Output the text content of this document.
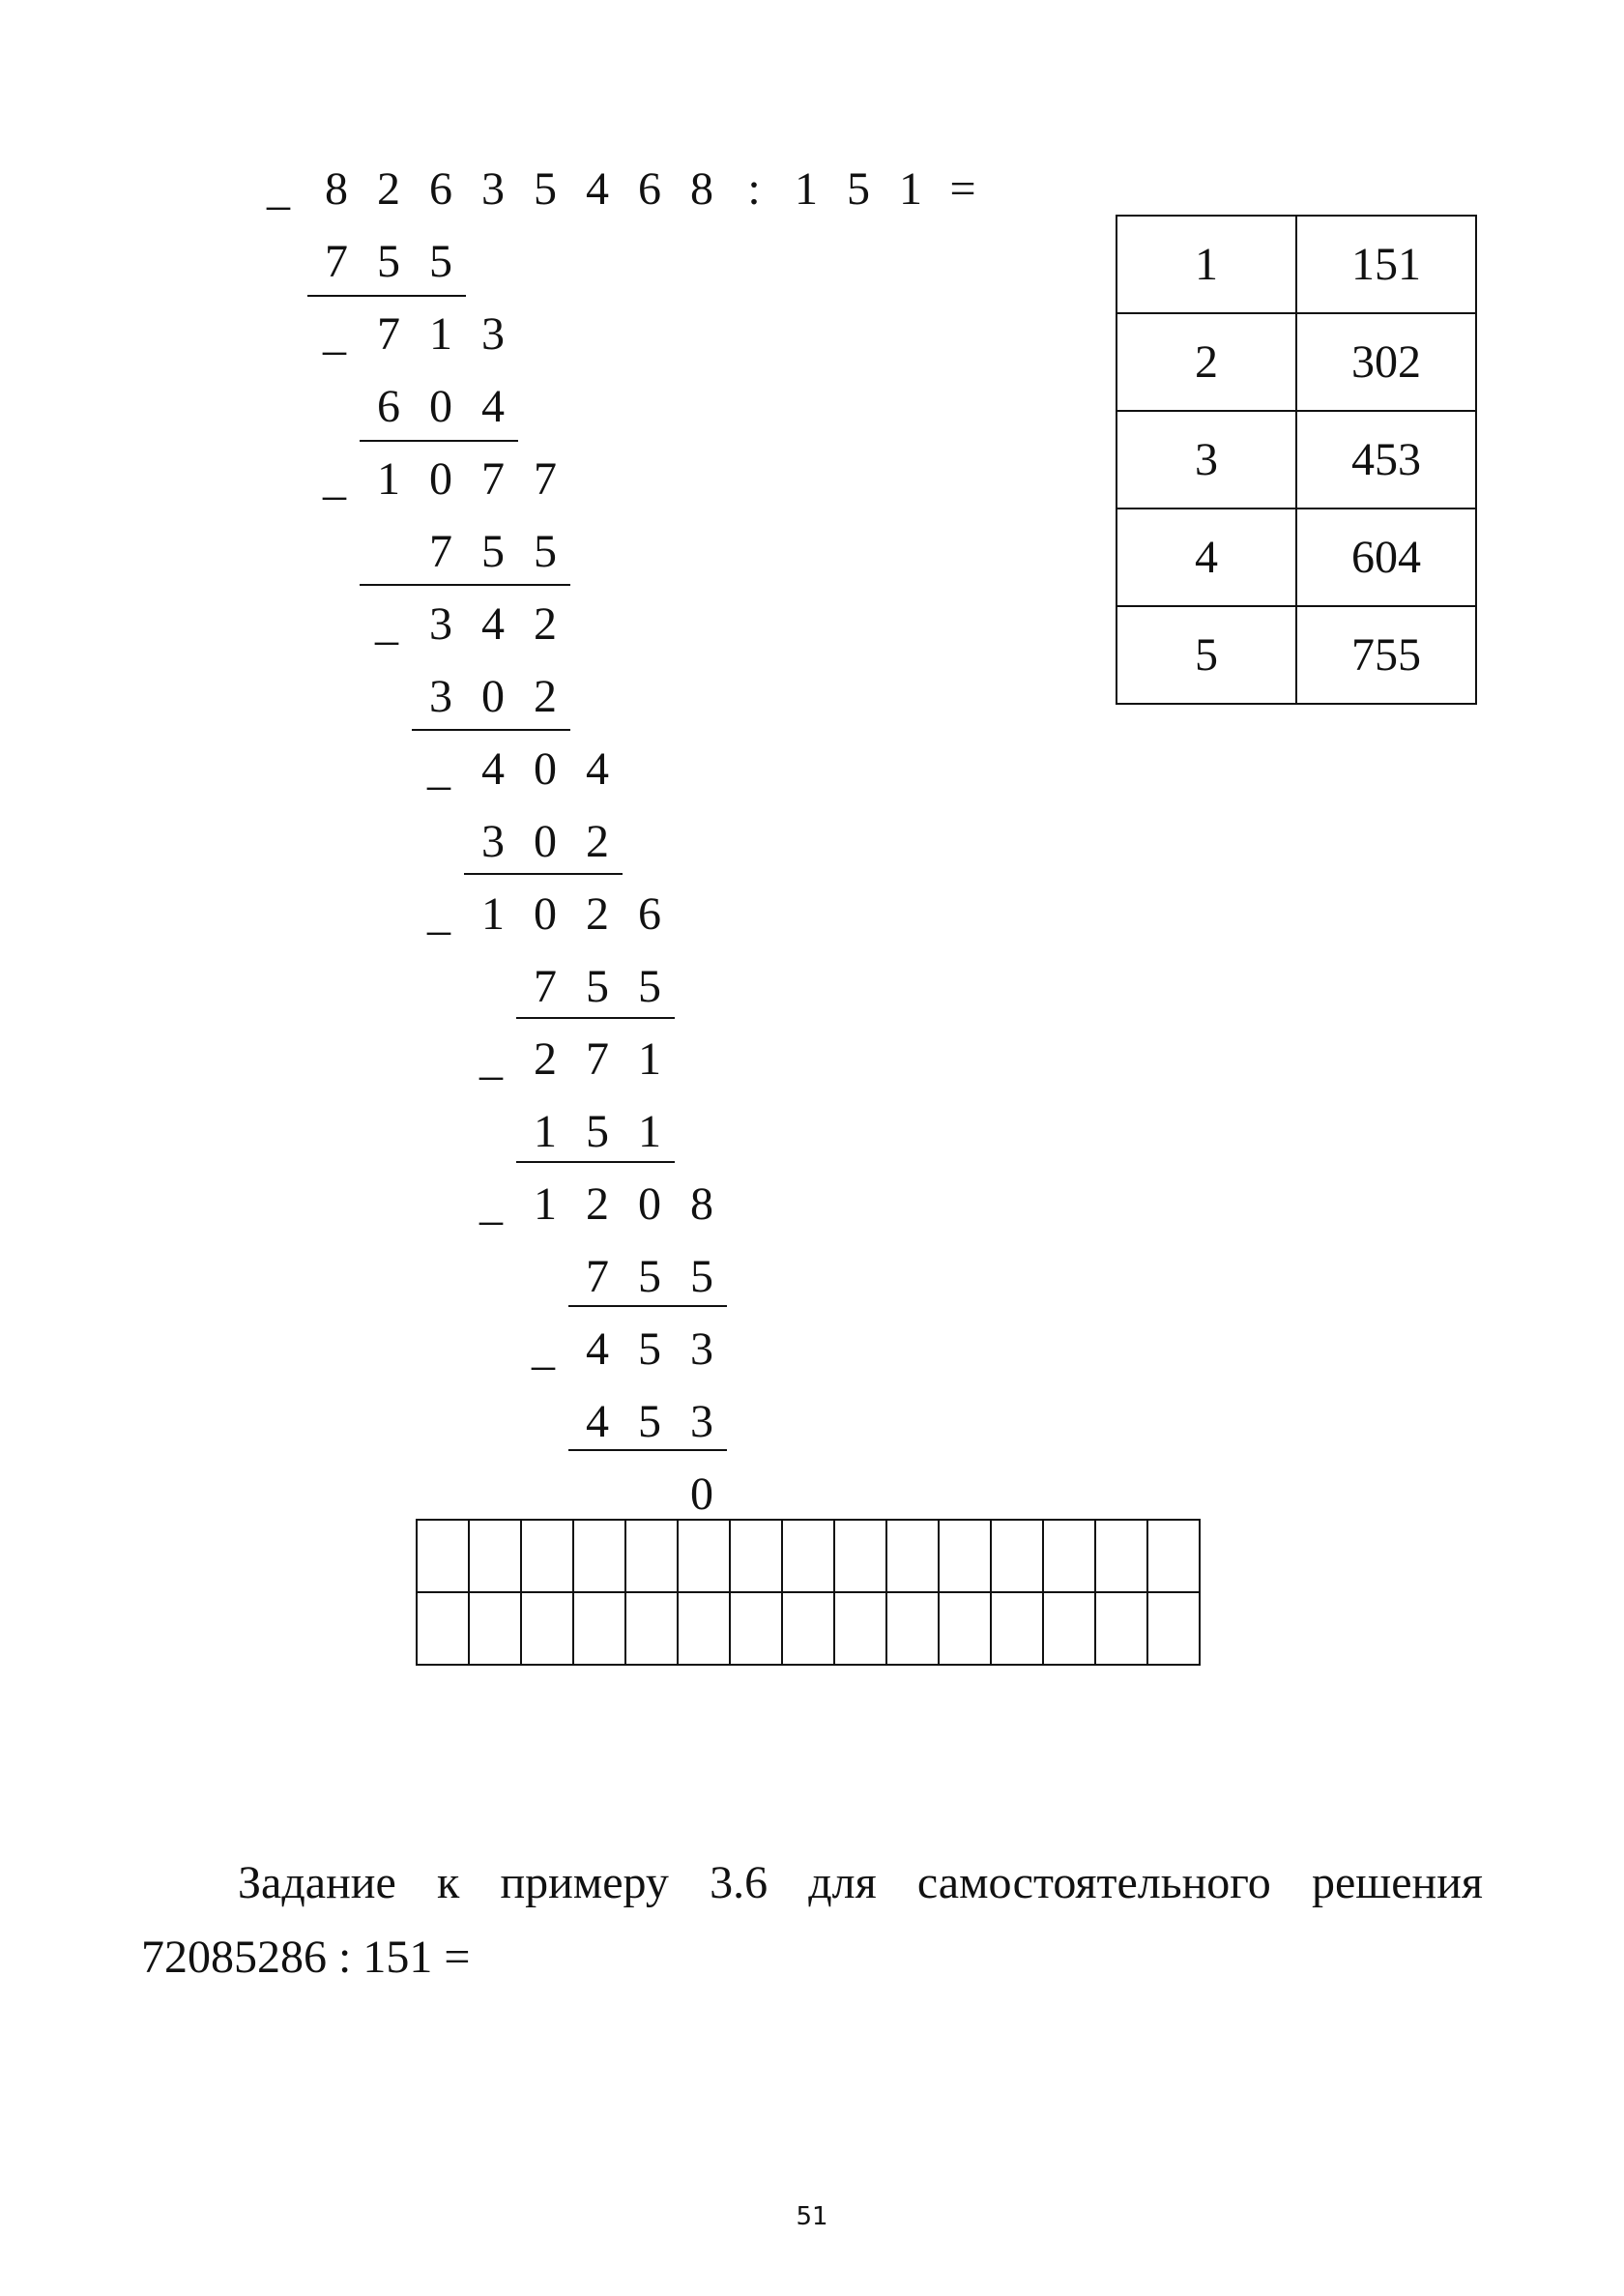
_ 8 2 6 3 5 4 6 8 : 1 5 1 =
7 5 5
_ 7 1 3
6 0 4
_ 1 0 7 7
7 5 5
_ 3 4 2
3 0 2
_ 4 0 4
3 0 2
_ 1 0 2 6
7 5 5
_ 2 7 1
1 5 1
_ 1 2 0 8
7 5 5
_ 4 5 3
4 5 3
0
1	151
2	302
3	453
4	604
5	755

Задание к примеру 3.6 для самостоятельного решения
72085286 : 151 =
51
